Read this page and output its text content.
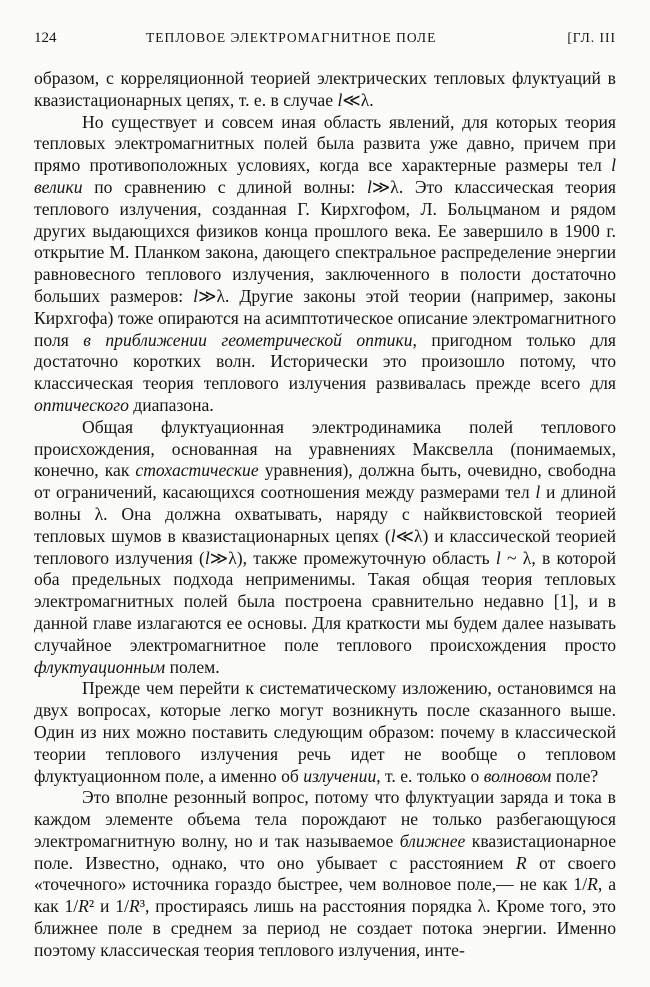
124	ТЕПЛОВОЕ ЭЛЕКТРОМАГНИТНОЕ ПОЛЕ	[ГЛ. III

образом, с корреляционной теорией электрических тепловых флуктуаций в квазистационарных цепях, т. е. в случае l≪λ.

Но существует и совсем иная область явлений, для которых теория тепловых электромагнитных полей была развита уже давно, причем при прямо противоположных условиях, когда все характерные размеры тел l велики по сравнению с длиной волны: l≫λ. Это классическая теория теплового излучения, созданная Г. Кирхгофом, Л. Больцманом и рядом других выдающихся физиков конца прошлого века. Ее завершило в 1900 г. открытие М. Планком закона, дающего спектральное распределение энергии равновесного теплового излучения, заключенного в полости достаточно больших размеров: l≫λ. Другие законы этой теории (например, законы Кирхгофа) тоже опираются на асимптотическое описание электромагнитного поля в приближении геометрической оптики, пригодном только для достаточно коротких волн. Исторически это произошло потому, что классическая теория теплового излучения развивалась прежде всего для оптического диапазона.

Общая флуктуационная электродинамика полей теплового происхождения, основанная на уравнениях Максвелла (понимаемых, конечно, как стохастические уравнения), должна быть, очевидно, свободна от ограничений, касающихся соотношения между размерами тел l и длиной волны λ. Она должна охватывать, наряду с найквистовской теорией тепловых шумов в квазистационарных цепях (l≪λ) и классической теорией теплового излучения (l≫λ), также промежуточную область l ~ λ, в которой оба предельных подхода неприменимы. Такая общая теория тепловых электромагнитных полей была построена сравнительно недавно [1], и в данной главе излагаются ее основы. Для краткости мы будем далее называть случайное электромагнитное поле теплового происхождения просто флуктуационным полем.

Прежде чем перейти к систематическому изложению, остановимся на двух вопросах, которые легко могут возникнуть после сказанного выше. Один из них можно поставить следующим образом: почему в классической теории теплового излучения речь идет не вообще о тепловом флуктуационном поле, а именно об излучении, т. е. только о волновом поле?

Это вполне резонный вопрос, потому что флуктуации заряда и тока в каждом элементе объема тела порождают не только разбегающуюся электромагнитную волну, но и так называемое ближнее квазистационарное поле. Известно, однако, что оно убывает с расстоянием R от своего «точечного» источника гораздо быстрее, чем волновое поле,— не как 1/R, а как 1/R² и 1/R³, простираясь лишь на расстояния порядка λ. Кроме того, это ближнее поле в среднем за период не создает потока энергии. Именно поэтому классическая теория теплового излучения, инте-
